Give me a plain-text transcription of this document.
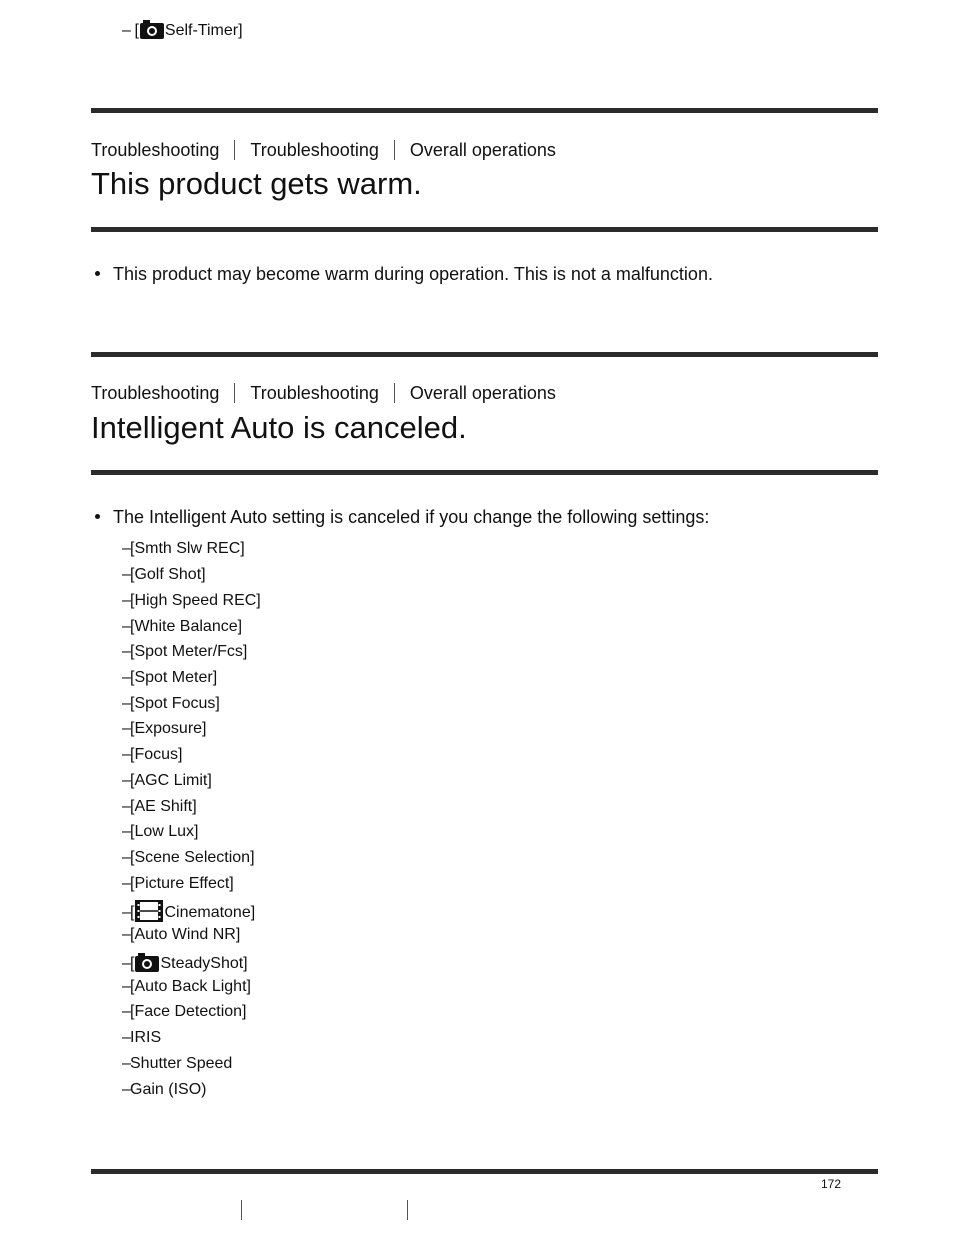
– [ Self-Timer]
Troubleshooting Troubleshooting Overall operations
This product gets warm.
This product may become warm during operation. This is not a malfunction.
Troubleshooting Troubleshooting Overall operations
Intelligent Auto is canceled.
The Intelligent Auto setting is canceled if you change the following settings:
–[Smth Slw REC]
–[Golf Shot]
–[High Speed REC]
–[White Balance]
–[Spot Meter/Fcs]
–[Spot Meter]
–[Spot Focus]
–[Exposure]
–[Focus]
–[AGC Limit]
–[AE Shift]
–[Low Lux]
–[Scene Selection]
–[Picture Effect]
–[ Cinematone]
–[Auto Wind NR]
–[ SteadyShot]
–[Auto Back Light]
–[Face Detection]
–IRIS
–Shutter Speed
–Gain (ISO)
172
